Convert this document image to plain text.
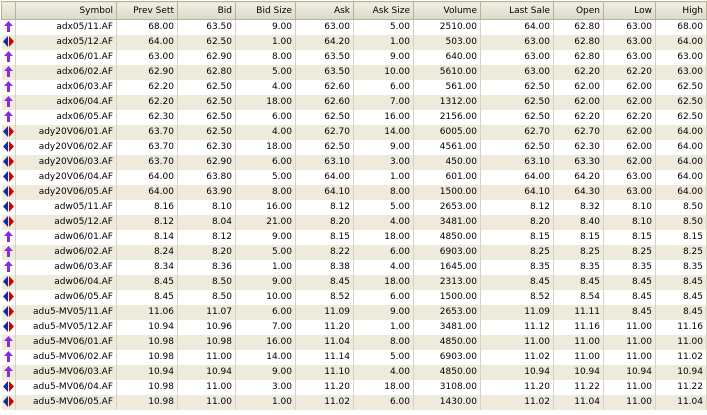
	Symbol	Prev Sett	Bid	Bid Size	Ask	Ask Size	Volume	Last Sale	Open	Low	High
	adx05/11.AF	68.00	63.50	9.00	63.00	5.00	2510.00	64.00	62.80	63.00	68.00
	adx05/12.AF	64.00	62.50	1.00	64.20	1.00	503.00	63.00	62.80	63.00	64.00
	adx06/01.AF	63.00	62.90	8.00	63.50	9.00	640.00	63.00	62.80	63.00	63.00
	adx06/02.AF	62.90	62.80	5.00	63.50	10.00	5610.00	63.00	62.20	62.20	63.00
	adx06/03.AF	62.20	62.50	4.00	62.60	6.00	561.00	62.50	62.00	62.00	62.50
	adx06/04.AF	62.20	62.50	18.00	62.60	7.00	1312.00	62.50	62.00	62.00	62.50
	adx06/05.AF	62.30	62.50	6.00	62.50	16.00	2156.00	62.50	62.20	62.20	62.50
	ady20V06/01.AF	63.70	62.50	4.00	62.70	14.00	6005.00	62.70	62.70	62.00	64.00
	ady20V06/02.AF	63.70	62.30	18.00	62.50	9.00	4561.00	62.50	62.30	62.00	64.00
	ady20V06/03.AF	63.70	62.90	6.00	63.10	3.00	450.00	63.10	63.30	62.00	64.00
	ady20V06/04.AF	64.00	63.80	5.00	64.00	1.00	601.00	64.00	64.20	63.00	64.00
	ady20V06/05.AF	64.00	63.90	8.00	64.10	8.00	1500.00	64.10	64.30	63.00	64.00
	adw05/11.AF	8.16	8.10	16.00	8.12	5.00	2653.00	8.12	8.32	8.10	8.50
	adw05/12.AF	8.12	8.04	21.00	8.20	4.00	3481.00	8.20	8.40	8.10	8.50
	adw06/01.AF	8.14	8.12	9.00	8.15	18.00	4850.00	8.15	8.15	8.15	8.15
	adw06/02.AF	8.24	8.20	5.00	8.22	6.00	6903.00	8.25	8.25	8.25	8.25
	adw06/03.AF	8.34	8.36	1.00	8.38	4.00	1645.00	8.35	8.35	8.35	8.35
	adw06/04.AF	8.45	8.50	9.00	8.45	18.00	2313.00	8.45	8.45	8.45	8.45
	adw06/05.AF	8.45	8.50	10.00	8.52	6.00	1500.00	8.52	8.54	8.45	8.45
	adu5-MV05/11.AF	11.06	11.07	6.00	11.09	9.00	2653.00	11.09	11.11	8.45	8.45
	adu5-MV05/12.AF	10.94	10.96	7.00	11.20	1.00	3481.00	11.12	11.16	11.00	11.16
	adu5-MV06/01.AF	10.98	10.98	16.00	11.04	8.00	4850.00	11.00	11.00	11.00	11.00
	adu5-MV06/02.AF	10.98	11.00	14.00	11.14	5.00	6903.00	11.02	11.00	11.00	11.02
	adu5-MV06/03.AF	10.94	10.94	9.00	11.10	4.00	4850.00	10.94	10.94	10.94	10.94
	adu5-MV06/04.AF	10.98	11.00	3.00	11.20	18.00	3108.00	11.20	11.22	11.00	11.22
	adu5-MV06/05.AF	10.98	11.00	1.00	11.02	6.00	1430.00	11.02	11.04	11.00	11.04
